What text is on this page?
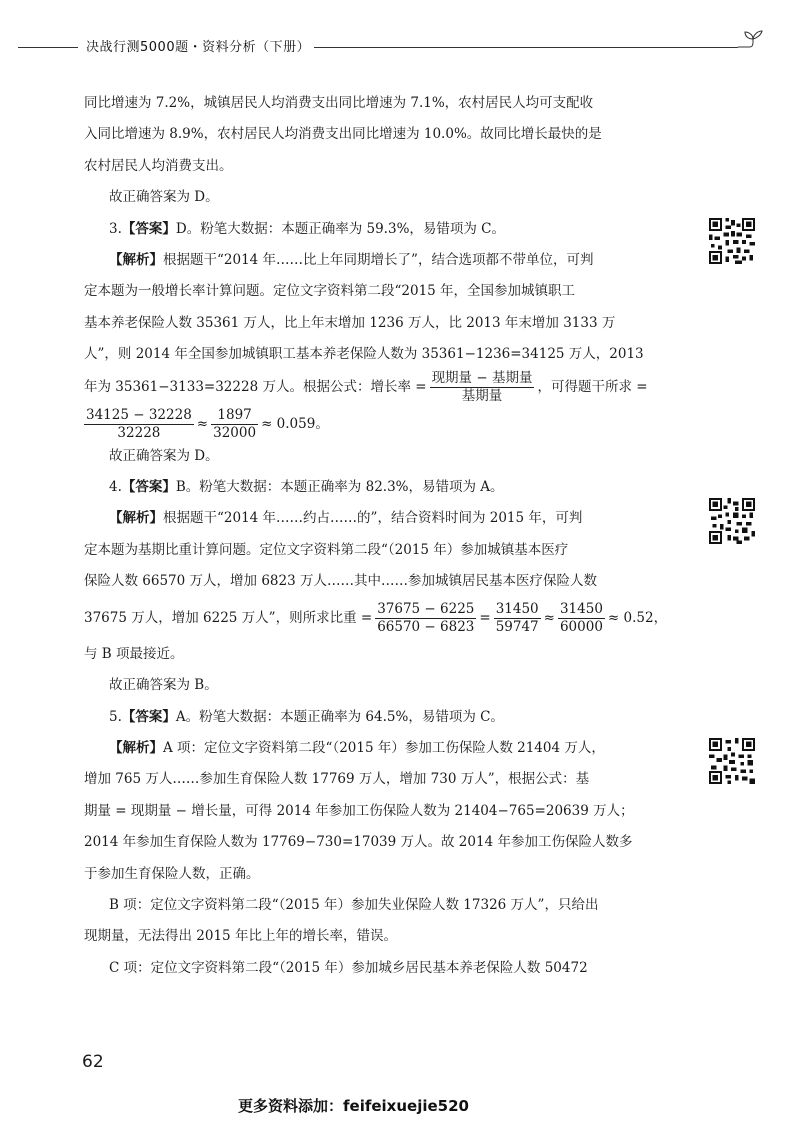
决战行测5000题・资料分析（下册）

同比增速为 7.2%，城镇居民人均消费支出同比增速为 7.1%，农村居民人均可支配收

入同比增速为 8.9%，农村居民人均消费支出同比增速为 10.0%。故同比增长最快的是

农村居民人均消费支出。

故正确答案为 D。

3.【答案】D。粉笔大数据：本题正确率为 59.3%，易错项为 C。

【解析】根据题干“2014 年……比上年同期增长了”，结合选项都不带单位，可判

定本题为一般增长率计算问题。定位文字资料第二段“2015 年，全国参加城镇职工

基本养老保险人数 35361 万人，比上年末增加 1236 万人，比 2013 年末增加 3133 万

人”，则 2014 年全国参加城镇职工基本养老保险人数为 35361−1236=34125 万人，2013

年为 35361−3133=32228 万人。根据公式：增长率 = $\frac{\text{现期量 − 基期量}}{\text{基期量}}$ ，可得题干所求 =

$\frac{34125 - 32228}{32228} \approx \frac{1897}{32000} \approx 0.059$。

故正确答案为 D。

4.【答案】B。粉笔大数据：本题正确率为 82.3%，易错项为 A。

【解析】根据题干“2014 年……约占……的”，结合资料时间为 2015 年，可判

定本题为基期比重计算问题。定位文字资料第二段“（2015 年）参加城镇基本医疗

保险人数 66570 万人，增加 6823 万人……其中……参加城镇居民基本医疗保险人数

37675 万人，增加 6225 万人”，则所求比重 = $\frac{37675 - 6225}{66570 - 6823} = \frac{31450}{59747} \approx \frac{31450}{60000} \approx 0.52$，

与 B 项最接近。

故正确答案为 B。

5.【答案】A。粉笔大数据：本题正确率为 64.5%，易错项为 C。

【解析】A 项：定位文字资料第二段“（2015 年）参加工伤保险人数 21404 万人，

增加 765 万人……参加生育保险人数 17769 万人，增加 730 万人”，根据公式：基

期量 = 现期量 − 增长量，可得 2014 年参加工伤保险人数为 21404−765=20639 万人；

2014 年参加生育保险人数为 17769−730=17039 万人。故 2014 年参加工伤保险人数多

于参加生育保险人数，正确。

B 项：定位文字资料第二段“（2015 年）参加失业保险人数 17326 万人”，只给出

现期量，无法得出 2015 年比上年的增长率，错误。

C 项：定位文字资料第二段“（2015 年）参加城乡居民基本养老保险人数 50472

62
更多资料添加：feifeixuejie520
